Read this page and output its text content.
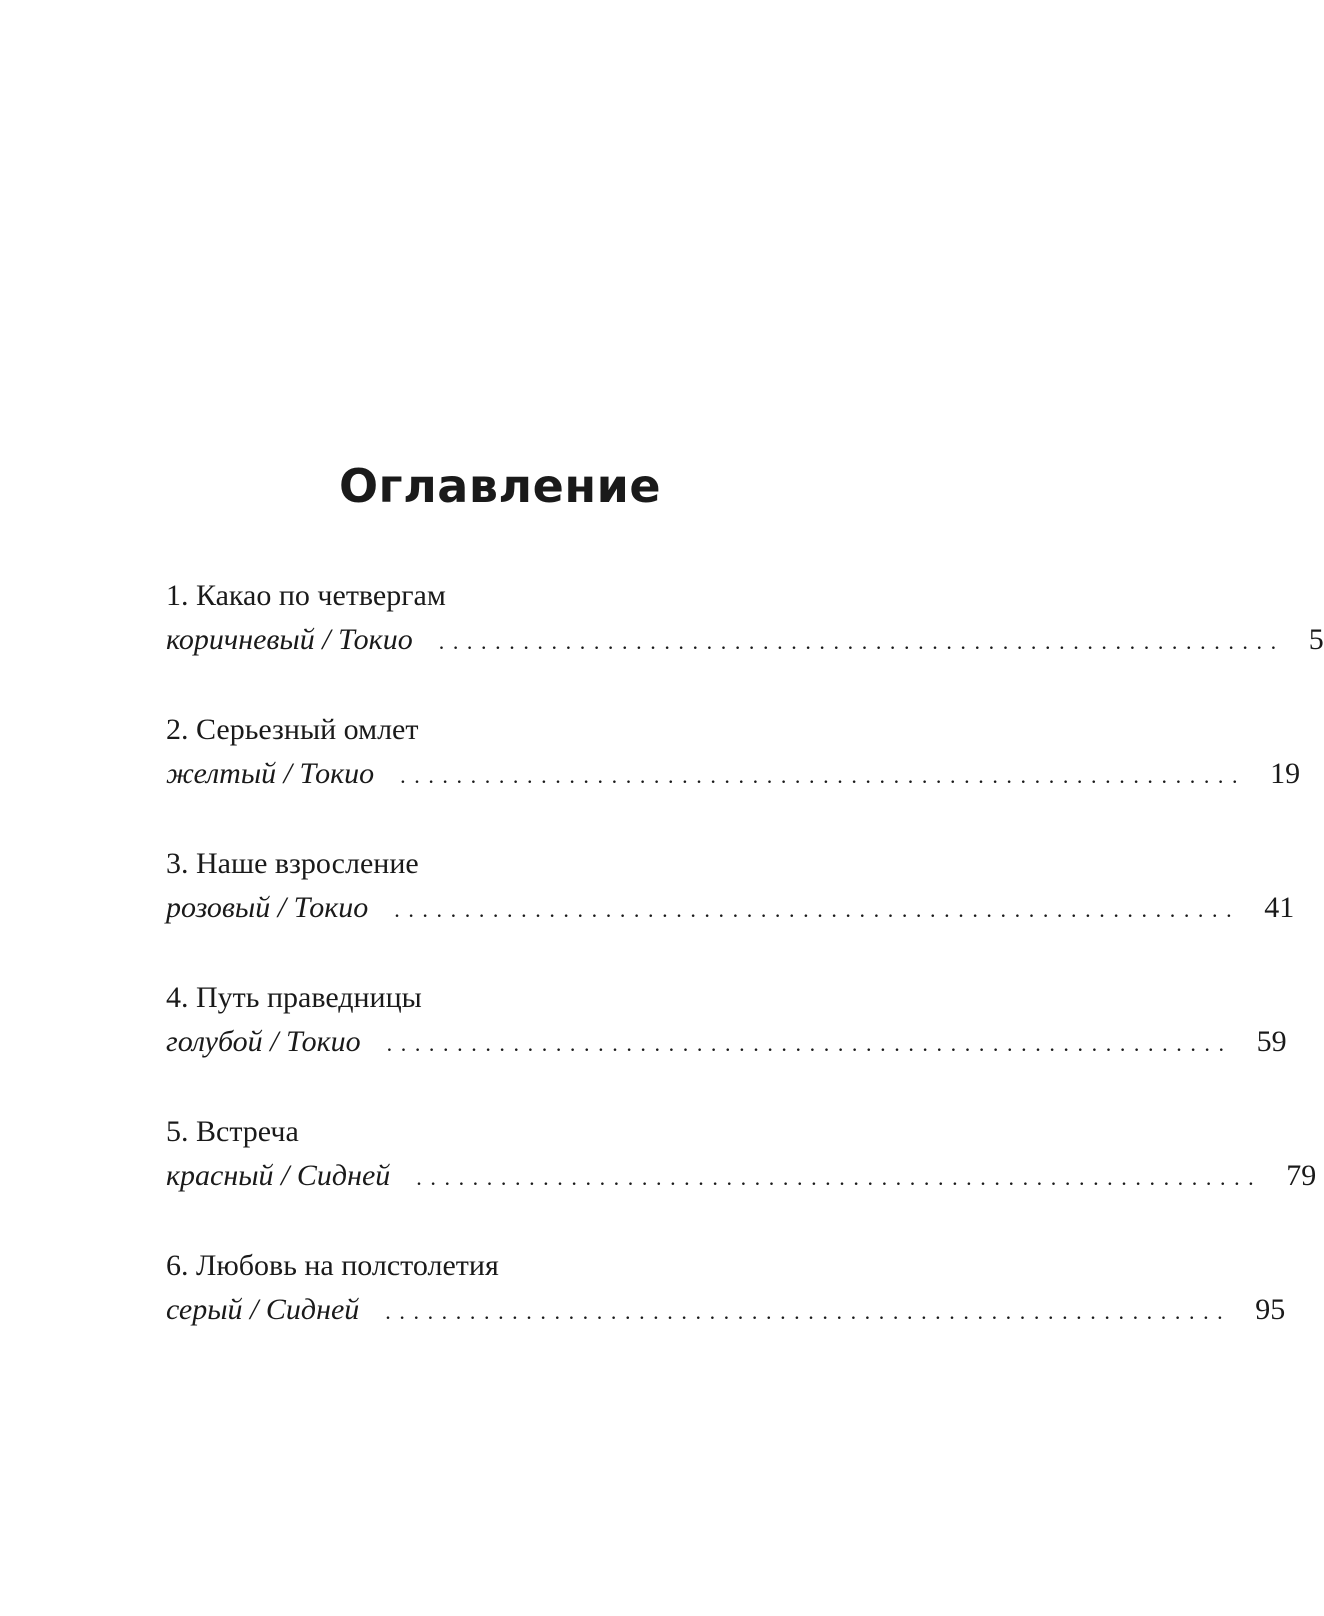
Оглавление
1. Какао по четвергам
коричневый / Токио ............................................................ 5
2. Серьезный омлет
желтый / Токио ............................................................ 19
3. Наше взросление
розовый / Токио ............................................................ 41
4. Путь праведницы
голубой / Токио ............................................................ 59
5. Встреча
красный / Сидней ............................................................ 79
6. Любовь на полстолетия
серый / Сидней ............................................................ 95
